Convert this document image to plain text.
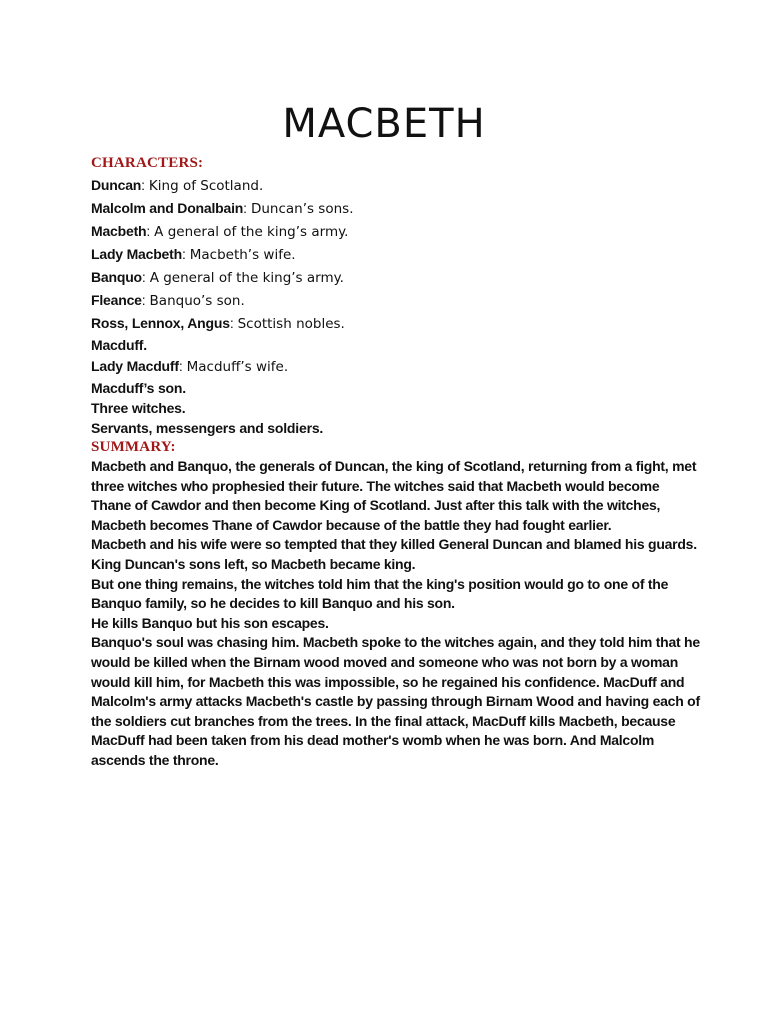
MACBETH
CHARACTERS:
Duncan: King of Scotland.
Malcolm and Donalbain: Duncan’s sons.
Macbeth: A general of the king’s army.
Lady Macbeth: Macbeth’s wife.
Banquo: A general of the king’s army.
Fleance: Banquo’s son.
Ross, Lennox, Angus: Scottish nobles.
Macduff.
Lady Macduff: Macduff’s wife.
Macduff’s son.
Three witches.
Servants, messengers and soldiers.
SUMMARY:
Macbeth and Banquo, the generals of Duncan, the king of Scotland, returning from a fight, met
three witches who prophesied their future. The witches said that Macbeth would become
Thane of Cawdor and then become King of Scotland. Just after this talk with the witches,
Macbeth becomes Thane of Cawdor because of the battle they had fought earlier.
Macbeth and his wife were so tempted that they killed General Duncan and blamed his guards.
King Duncan's sons left, so Macbeth became king.
But one thing remains, the witches told him that the king's position would go to one of the
Banquo family, so he decides to kill Banquo and his son.
He kills Banquo but his son escapes.
Banquo's soul was chasing him. Macbeth spoke to the witches again, and they told him that he
would be killed when the Birnam wood moved and someone who was not born by a woman
would kill him, for Macbeth this was impossible, so he regained his confidence. MacDuff and
Malcolm's army attacks Macbeth's castle by passing through Birnam Wood and having each of
the soldiers cut branches from the trees. In the final attack, MacDuff kills Macbeth, because
MacDuff had been taken from his dead mother's womb when he was born. And Malcolm
ascends the throne.
